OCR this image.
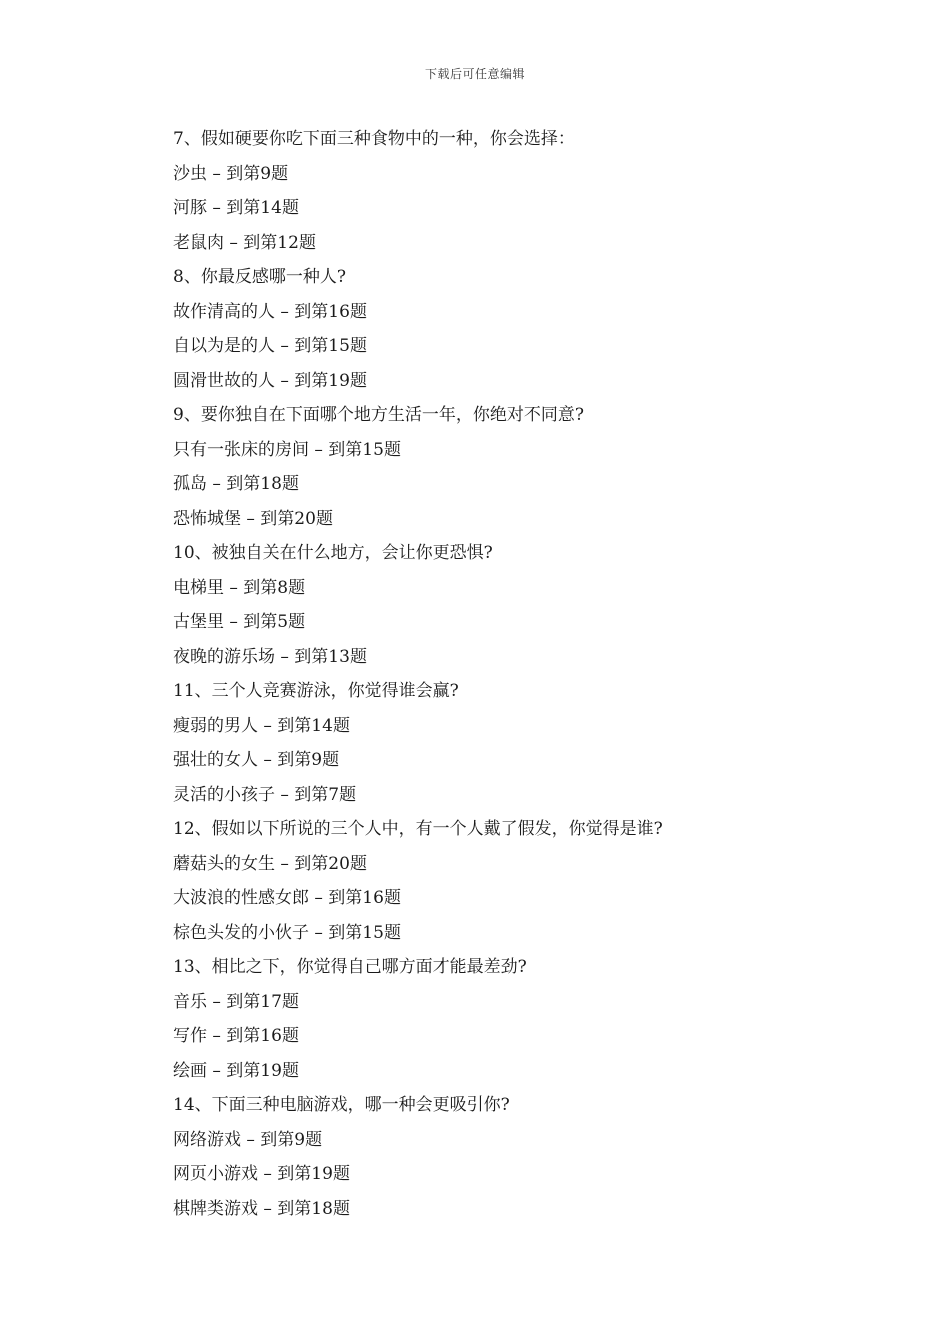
下载后可任意编辑
7、假如硬要你吃下面三种食物中的一种，你会选择：
沙虫 – 到第9题
河豚 – 到第14题
老鼠肉 – 到第12题
8、你最反感哪一种人?
故作清高的人 – 到第16题
自以为是的人 – 到第15题
圆滑世故的人 – 到第19题
9、要你独自在下面哪个地方生活一年，你绝对不同意?
只有一张床的房间 – 到第15题
孤岛 – 到第18题
恐怖城堡 – 到第20题
10、被独自关在什么地方，会让你更恐惧?
电梯里 – 到第8题
古堡里 – 到第5题
夜晚的游乐场 – 到第13题
11、三个人竞赛游泳，你觉得谁会赢?
瘦弱的男人 – 到第14题
强壮的女人 – 到第9题
灵活的小孩子 – 到第7题
12、假如以下所说的三个人中，有一个人戴了假发，你觉得是谁?
蘑菇头的女生 – 到第20题
大波浪的性感女郎 – 到第16题
棕色头发的小伙子 – 到第15题
13、相比之下，你觉得自己哪方面才能最差劲?
音乐 – 到第17题
写作 – 到第16题
绘画 – 到第19题
14、下面三种电脑游戏，哪一种会更吸引你?
网络游戏 – 到第9题
网页小游戏 – 到第19题
棋牌类游戏 – 到第18题
